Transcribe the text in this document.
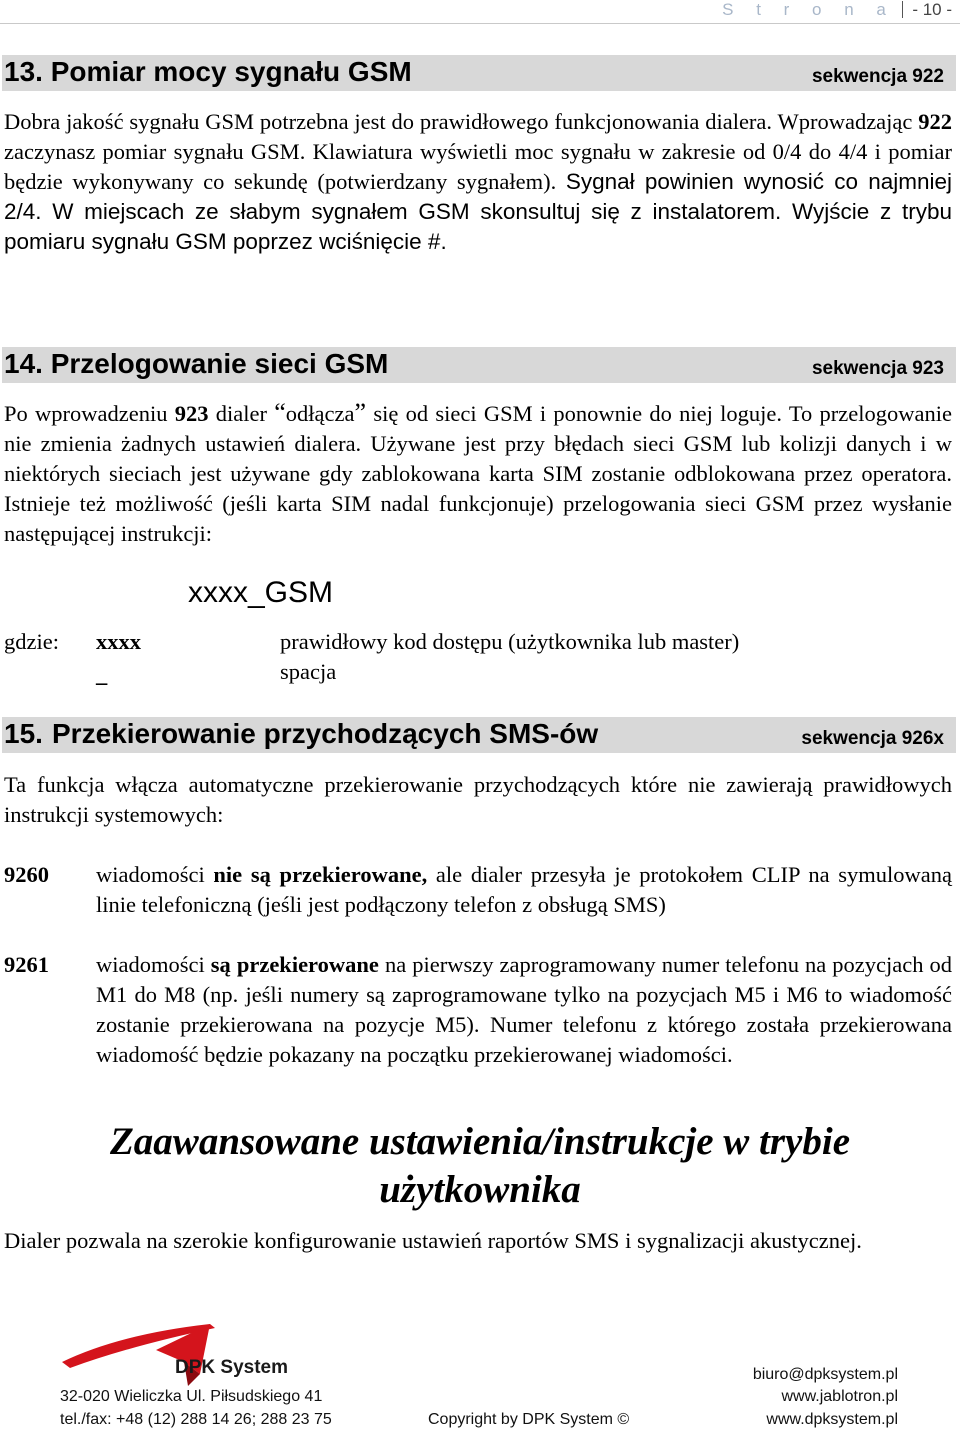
S t r o n a - 10 -
13. Pomiar mocy sygnału GSM	sekwencja 922
Dobra jakość sygnału GSM potrzebna jest do prawidłowego funkcjonowania dialera. Wprowadzając 922 zaczynasz pomiar sygnału GSM. Klawiatura wyświetli moc sygnału w zakresie od 0/4 do 4/4 i pomiar będzie wykonywany co sekundę (potwierdzany sygnałem). Sygnał powinien wynosić co najmniej 2/4. W miejscach ze słabym sygnałem GSM skonsultuj się z instalatorem. Wyjście z trybu pomiaru sygnału GSM poprzez wciśnięcie #.
14. Przelogowanie sieci GSM	sekwencja 923
Po wprowadzeniu 923 dialer “odłącza” się od sieci GSM i ponownie do niej loguje. To przelogowanie nie zmienia żadnych ustawień dialera. Używane jest przy błędach sieci GSM lub kolizji danych i w niektórych sieciach jest używane gdy zablokowana karta SIM zostanie odblokowana przez operatora. Istnieje też możliwość (jeśli karta SIM nadal funkcjonuje) przelogowania sieci GSM przez wysłanie następującej instrukcji:
xxxx_GSM
gdzie: xxxx	prawidłowy kod dostępu (użytkownika lub master)
_	spacja
15. Przekierowanie przychodzących SMS-ów	sekwencja 926x
Ta funkcja włącza automatyczne przekierowanie przychodzących które nie zawierają prawidłowych instrukcji systemowych:
9260 wiadomości nie są przekierowane, ale dialer przesyła je protokołem CLIP na symulowaną linie telefoniczną (jeśli jest podłączony telefon z obsługą SMS)
9261 wiadomości są przekierowane na pierwszy zaprogramowany numer telefonu na pozycjach od M1 do M8 (np. jeśli numery są zaprogramowane tylko na pozycjach M5 i M6 to wiadomość zostanie przekierowana na pozycje M5). Numer telefonu z którego została przekierowana wiadomość będzie pokazany na początku przekierowanej wiadomości.
Zaawansowane ustawienia/instrukcje w trybie
użytkownika
Dialer pozwala na szerokie konfigurowanie ustawień raportów SMS i sygnalizacji akustycznej.
DPK System
32-020 Wieliczka Ul. Piłsudskiego 41
tel./fax: +48 (12) 288 14 26; 288 23 75	Copyright by DPK System ©
biuro@dpksystem.pl
www.jablotron.pl
www.dpksystem.pl
